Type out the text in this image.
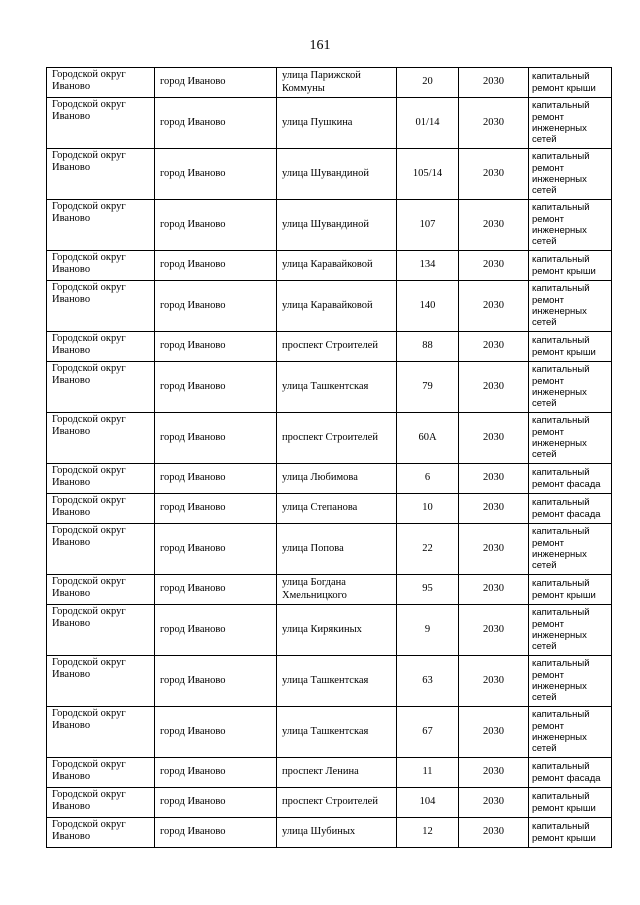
161
Городской округ Иваново	город Иваново	улица Парижской Коммуны	20	2030	капитальный ремонт крыши
Городской округ Иваново	город Иваново	улица Пушкина	01/14	2030	капитальный ремонт инженерных сетей
Городской округ Иваново	город Иваново	улица Шувандиной	105/14	2030	капитальный ремонт инженерных сетей
Городской округ Иваново	город Иваново	улица Шувандиной	107	2030	капитальный ремонт инженерных сетей
Городской округ Иваново	город Иваново	улица Каравайковой	134	2030	капитальный ремонт крыши
Городской округ Иваново	город Иваново	улица Каравайковой	140	2030	капитальный ремонт инженерных сетей
Городской округ Иваново	город Иваново	проспект Строителей	88	2030	капитальный ремонт крыши
Городской округ Иваново	город Иваново	улица Ташкентская	79	2030	капитальный ремонт инженерных сетей
Городской округ Иваново	город Иваново	проспект Строителей	60А	2030	капитальный ремонт инженерных сетей
Городской округ Иваново	город Иваново	улица Любимова	6	2030	капитальный ремонт фасада
Городской округ Иваново	город Иваново	улица Степанова	10	2030	капитальный ремонт фасада
Городской округ Иваново	город Иваново	улица Попова	22	2030	капитальный ремонт инженерных сетей
Городской округ Иваново	город Иваново	улица Богдана Хмельницкого	95	2030	капитальный ремонт крыши
Городской округ Иваново	город Иваново	улица Кирякиных	9	2030	капитальный ремонт инженерных сетей
Городской округ Иваново	город Иваново	улица Ташкентская	63	2030	капитальный ремонт инженерных сетей
Городской округ Иваново	город Иваново	улица Ташкентская	67	2030	капитальный ремонт инженерных сетей
Городской округ Иваново	город Иваново	проспект Ленина	11	2030	капитальный ремонт фасада
Городской округ Иваново	город Иваново	проспект Строителей	104	2030	капитальный ремонт крыши
Городской округ Иваново	город Иваново	улица Шубиных	12	2030	капитальный ремонт крыши
